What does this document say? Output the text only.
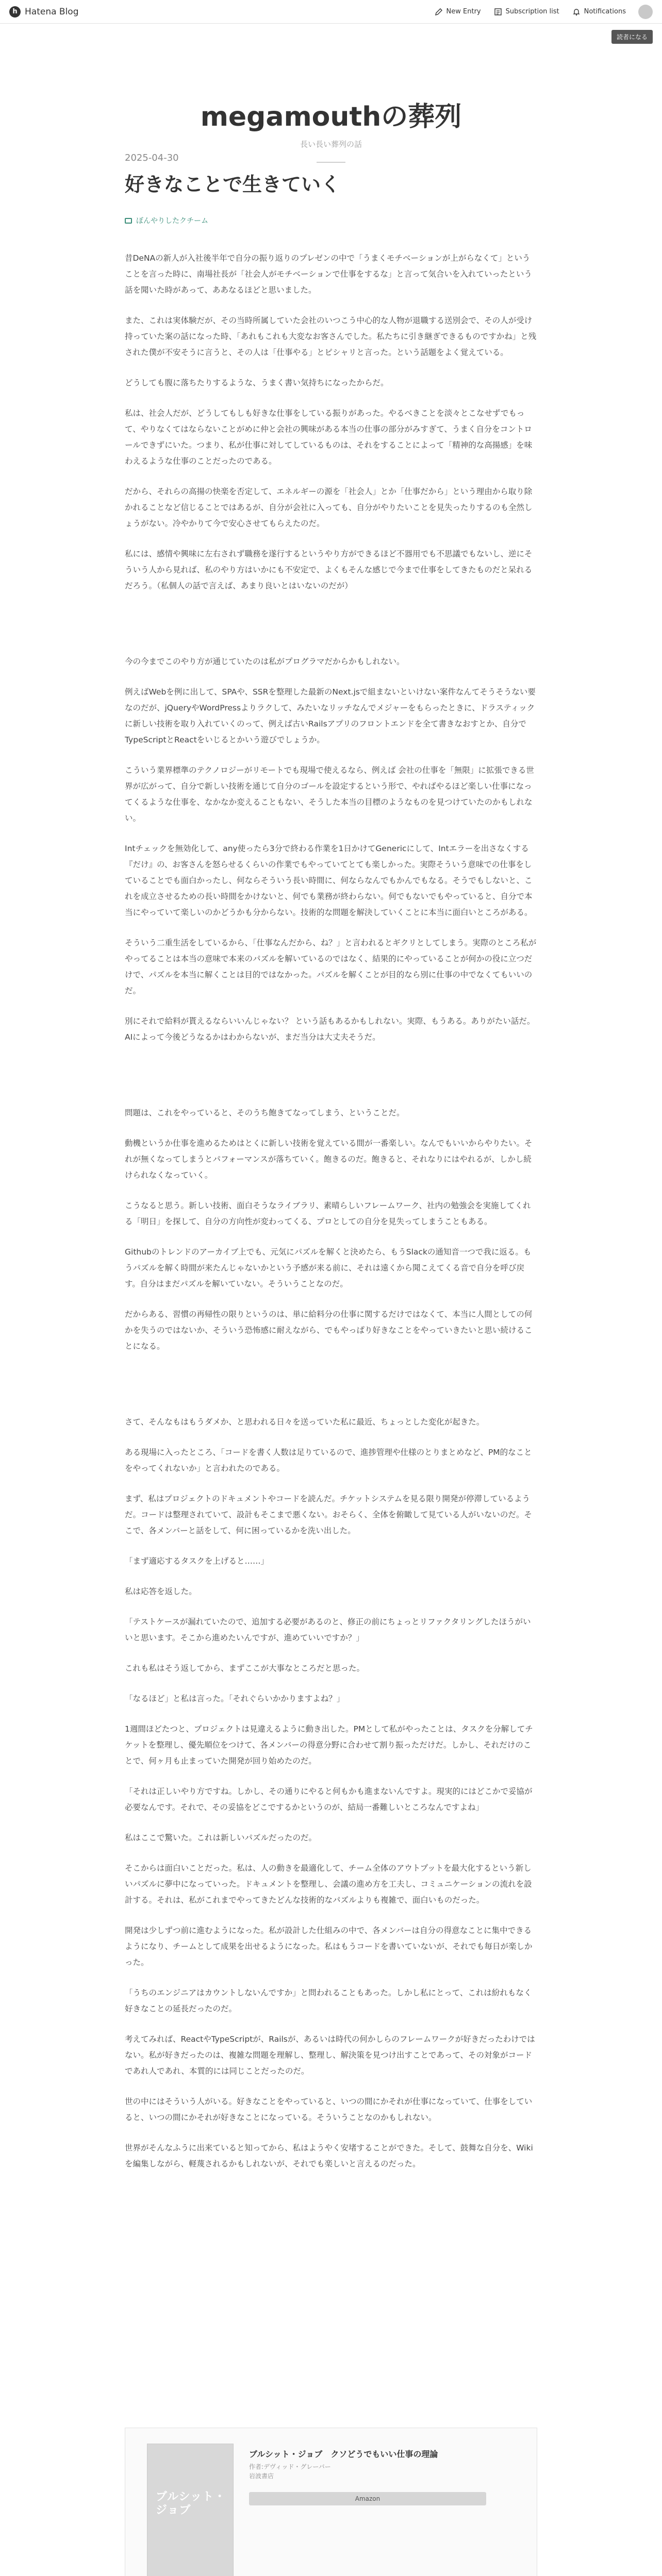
h Hatena Blog	New Entry	Subscription list	Notifications
読者になる
megamouthの葬列
長い長い葬列の話
2025-04-30
好きなことで生きていく
ぼんやりしたクチーム

昔DeNAの新人が入社後半年で自分の振り返りのプレゼンの中で「うまくモチベーションが上がらなくて」ということを言った時に、南場社長が「社会人がモチベーションで仕事をするな」と言って気合いを入れていったという話を聞いた時があって、ああなるほどと思いました。

また、これは実体験だが、その当時所属していた会社のいつこう中心的な人物が退職する送別会で、その人が受け持っていた案の話になった時、「あれもこれも大変なお客さんでした。私たちに引き継ぎできるものですかね」と残された僕が不安そうに言うと、その人は「仕事やる」とピシャリと言った。という話題をよく覚えている。

どうしても腹に落ちたりするような、うまく書い気持ちになったからだ。

私は、社会人だが、どうしてもしも好きな仕事をしている振りがあった。やるべきことを淡々とこなせずでもって、やりなくてはならないことがめに仲と会社の興味がある本当の仕事の部分がみすぎて、うまく自分をコントロールできずにいた。つまり、私が仕事に対してしているものは、それをすることによって「精神的な高揚感」を味わえるような仕事のことだったのである。

だから、それらの高揚の快楽を否定して、エネルギーの源を「社会人」とか「仕事だから」という理由から取り除かれることなど信じることではあるが、自分が会社に入っても、自分がやりたいことを見失ったりするのも全然しょうがない。冷やかりて今で安心させてもらえたのだ。

私には、感情や興味に左右されず職務を遂行するというやり方ができるほど不器用でも不思議でもないし、逆にそういう人から見れば、私のやり方はいかにも不安定で、よくもそんな感じで今まで仕事をしてきたものだと呆れるだろう。（私個人の話で言えば、あまり良いとはいないのだが）

今の今までこのやり方が通じていたのは私がプログラマだからかもしれない。

例えばWebを例に出して、SPAや、SSRを整理した最新のNext.jsで組まないといけない案件なんてそうそうない要なのだが、jQueryやWordPressよりラクして、みたいなリッチなんでメジャーをもらったときに、ドラスティックに新しい技術を取り入れていくのって、例えば古いRailsアプリのフロントエンドを全て書きなおすとか、自分でTypeScriptとReactをいじるとかいう遊びでしょうか。

こういう業界標準のテクノロジーがリモートでも現場で使えるなら、例えば 会社の仕事を「無限」に拡張できる世界が広がって、自分で新しい技術を通じて自分のゴールを設定するという形で、やればやるほど楽しい仕事になってくるような仕事を、なかなか変えることもない、そうした本当の目標のようなものを見つけていたのかもしれない。

Intチェックを無効化して、any使ったら3分で終わる作業を1日かけてGenericにして、Intエラーを出さなくする『だけ』の、お客さんを怒らせるくらいの作業でもやっていてとても楽しかった。実際そういう意味での仕事をしていることでも面白かったし、何ならそういう長い時間に、何ならなんでもかんでもなる。そうでもしないと、これを成立させるための長い時間をかけないと、何でも業務が終わらない。何でもないでもやっていると、自分で本当にやっていて楽しいのかどうかも分からない。技術的な問題を解決していくことに本当に面白いところがある。

そういう二重生活をしているから、「仕事なんだから、ね？」と言われるとギクリとしてしまう。実際のところ私がやってることは本当の意味で本来のパズルを解いているのではなく、結果的にやっていることが何かの役に立つだけで、パズルを本当に解くことは目的ではなかった。パズルを解くことが目的なら別に仕事の中でなくてもいいのだ。

別にそれで給料が貰えるならいいんじゃない？ という話もあるかもしれない。実際、もうある。ありがたい話だ。AIによって今後どうなるかはわからないが、まだ当分は大丈夫そうだ。

問題は、これをやっていると、そのうち飽きてなってしまう、ということだ。

動機というか仕事を進めるためはとくに新しい技術を覚えている間が一番楽しい。なんでもいいからやりたい。それが無くなってしまうとパフォーマンスが落ちていく。飽きるのだ。飽きると、それなりにはやれるが、しかし続けられなくなっていく。

こうなると思う。新しい技術、面白そうなライブラリ、素晴らしいフレームワーク、社内の勉強会を実施してくれる「明日」を探して、自分の方向性が変わってくる、プロとしての自分を見失ってしまうこともある。

Githubのトレンドのアーカイブ上でも、元気にパズルを解くと決めたら、もうSlackの通知音一つで我に返る。もうパズルを解く時間が来たんじゃないかという予感が来る前に、それは遠くから聞こえてくる音で自分を呼び戻す。自分はまだパズルを解いていない。そういうことなのだ。

だからある、習慣の再帰性の限りというのは、単に給料分の仕事に関するだけではなくて、本当に人間としての何かを失うのではないか、そういう恐怖感に耐えながら、でもやっぱり好きなことをやっていきたいと思い続けることになる。

さて、そんなもはもうダメか、と思われる日々を送っていた私に最近、ちょっとした変化が起きた。

ある現場に入ったところ、「コードを書く人数は足りているので、進捗管理や仕様のとりまとめなど、PM的なことをやってくれないか」と言われたのである。

まず、私はプロジェクトのドキュメントやコードを読んだ。チケットシステムを見る限り開発が停滞しているようだ。コードは整理されていて、設計もそこまで悪くない。おそらく、全体を俯瞰して見ている人がいないのだ。そこで、各メンバーと話をして、何に困っているかを洗い出した。

「まず適応するタスクを上げると……」

私は応答を返した。

「テストケースが漏れていたので、追加する必要があるのと、修正の前にちょっとリファクタリングしたほうがいいと思います。そこから進めたいんですが、進めていいですか？」

これも私はそう返してから、まずここが大事なところだと思った。

「なるほど」と私は言った。「それぐらいかかりますよね？」

1週間ほどたつと、プロジェクトは見違えるように動き出した。PMとして私がやったことは、タスクを分解してチケットを整理し、優先順位をつけて、各メンバーの得意分野に合わせて割り振っただけだ。しかし、それだけのことで、何ヶ月も止まっていた開発が回り始めたのだ。

「それは正しいやり方ですね。しかし、その通りにやると何もかも進まないんですよ。現実的にはどこかで妥協が必要なんです。それで、その妥協をどこでするかというのが、結局一番難しいところなんですよね」

私はここで驚いた。これは新しいパズルだったのだ。

そこからは面白いことだった。私は、人の動きを最適化して、チーム全体のアウトプットを最大化するという新しいパズルに夢中になっていった。ドキュメントを整理し、会議の進め方を工夫し、コミュニケーションの流れを設計する。それは、私がこれまでやってきたどんな技術的なパズルよりも複雑で、面白いものだった。

開発は少しずつ前に進むようになった。私が設計した仕組みの中で、各メンバーは自分の得意なことに集中できるようになり、チームとして成果を出せるようになった。私はもうコードを書いていないが、それでも毎日が楽しかった。

「うちのエンジニアはカウントしないんですか」と問われることもあった。しかし私にとって、これは紛れもなく好きなことの延長だったのだ。

考えてみれば、ReactやTypeScriptが、Railsが、あるいは時代の何かしらのフレームワークが好きだったわけではない。私が好きだったのは、複雑な問題を理解し、整理し、解決策を見つけ出すことであって、その対象がコードであれ人であれ、本質的には同じことだったのだ。

世の中にはそういう人がいる。好きなことをやっていると、いつの間にかそれが仕事になっていて、仕事をしていると、いつの間にかそれが好きなことになっている。そういうことなのかもしれない。

世界がそんなふうに出来ていると知ってから、私はようやく安堵することができた。そして、鼓舞な自分を、Wikiを編集しながら、軽蔑されるかもしれないが、それでも楽しいと言えるのだった。

ブルシット・ジョブ
ブルシット・ジョブ　クソどうでもいい仕事の理論
作者:デヴィッド・グレーバー
岩波書店
Amazon
